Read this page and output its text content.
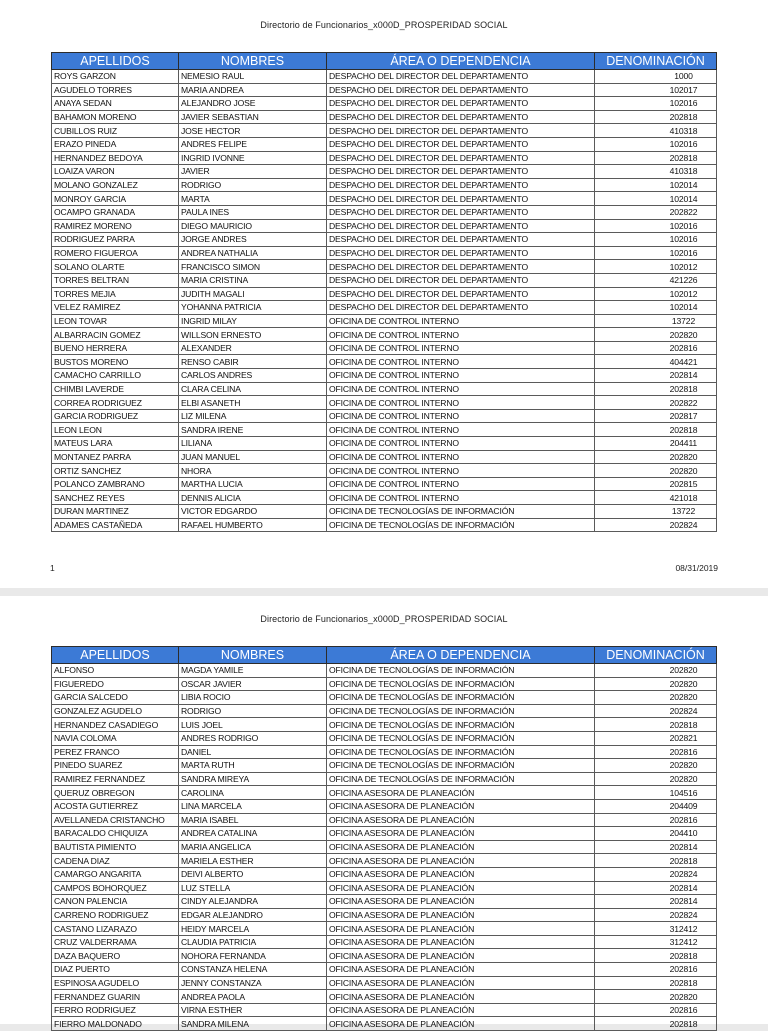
Directorio de Funcionarios_x000D_PROSPERIDAD SOCIAL
APELLIDOS	NOMBRES	ÁREA O DEPENDENCIA	DENOMINACIÓN
ROYS GARZON	NEMESIO RAUL	DESPACHO DEL DIRECTOR DEL DEPARTAMENTO	1000
AGUDELO TORRES	MARIA ANDREA	DESPACHO DEL DIRECTOR DEL DEPARTAMENTO	102017
ANAYA SEDAN	ALEJANDRO JOSE	DESPACHO DEL DIRECTOR DEL DEPARTAMENTO	102016
BAHAMON MORENO	JAVIER SEBASTIAN	DESPACHO DEL DIRECTOR DEL DEPARTAMENTO	202818
CUBILLOS RUIZ	JOSE HECTOR	DESPACHO DEL DIRECTOR DEL DEPARTAMENTO	410318
ERAZO PINEDA	ANDRES FELIPE	DESPACHO DEL DIRECTOR DEL DEPARTAMENTO	102016
HERNANDEZ BEDOYA	INGRID IVONNE	DESPACHO DEL DIRECTOR DEL DEPARTAMENTO	202818
LOAIZA VARON	JAVIER	DESPACHO DEL DIRECTOR DEL DEPARTAMENTO	410318
MOLANO GONZALEZ	RODRIGO	DESPACHO DEL DIRECTOR DEL DEPARTAMENTO	102014
MONROY GARCIA	MARTA	DESPACHO DEL DIRECTOR DEL DEPARTAMENTO	102014
OCAMPO GRANADA	PAULA INES	DESPACHO DEL DIRECTOR DEL DEPARTAMENTO	202822
RAMIREZ MORENO	DIEGO MAURICIO	DESPACHO DEL DIRECTOR DEL DEPARTAMENTO	102016
RODRIGUEZ PARRA	JORGE ANDRES	DESPACHO DEL DIRECTOR DEL DEPARTAMENTO	102016
ROMERO FIGUEROA	ANDREA NATHALIA	DESPACHO DEL DIRECTOR DEL DEPARTAMENTO	102016
SOLANO OLARTE	FRANCISCO SIMON	DESPACHO DEL DIRECTOR DEL DEPARTAMENTO	102012
TORRES BELTRAN	MARIA CRISTINA	DESPACHO DEL DIRECTOR DEL DEPARTAMENTO	421226
TORRES MEJIA	JUDITH MAGALI	DESPACHO DEL DIRECTOR DEL DEPARTAMENTO	102012
VELEZ RAMIREZ	YOHANNA PATRICIA	DESPACHO DEL DIRECTOR DEL DEPARTAMENTO	102014
LEON TOVAR	INGRID MILAY	OFICINA DE CONTROL INTERNO	13722
ALBARRACIN GOMEZ	WILLSON ERNESTO	OFICINA DE CONTROL INTERNO	202820
BUENO HERRERA	ALEXANDER	OFICINA DE CONTROL INTERNO	202816
BUSTOS MORENO	RENSO CABIR	OFICINA DE CONTROL INTERNO	404421
CAMACHO CARRILLO	CARLOS ANDRES	OFICINA DE CONTROL INTERNO	202814
CHIMBI LAVERDE	CLARA CELINA	OFICINA DE CONTROL INTERNO	202818
CORREA RODRIGUEZ	ELBI ASANETH	OFICINA DE CONTROL INTERNO	202822
GARCIA RODRIGUEZ	LIZ MILENA	OFICINA DE CONTROL INTERNO	202817
LEON LEON	SANDRA IRENE	OFICINA DE CONTROL INTERNO	202818
MATEUS LARA	LILIANA	OFICINA DE CONTROL INTERNO	204411
MONTANEZ PARRA	JUAN MANUEL	OFICINA DE CONTROL INTERNO	202820
ORTIZ SANCHEZ	NHORA	OFICINA DE CONTROL INTERNO	202820
POLANCO ZAMBRANO	MARTHA LUCIA	OFICINA DE CONTROL INTERNO	202815
SANCHEZ REYES	DENNIS ALICIA	OFICINA DE CONTROL INTERNO	421018
DURAN MARTINEZ	VICTOR EDGARDO	OFICINA DE TECNOLOGÍAS DE INFORMACIÓN	13722
ADAMES CASTAÑEDA	RAFAEL HUMBERTO	OFICINA DE TECNOLOGÍAS DE INFORMACIÓN	202824
1	08/31/2019
Directorio de Funcionarios_x000D_PROSPERIDAD SOCIAL
APELLIDOS	NOMBRES	ÁREA O DEPENDENCIA	DENOMINACIÓN
ALFONSO	MAGDA YAMILE	OFICINA DE TECNOLOGÍAS DE INFORMACIÓN	202820
FIGUEREDO	OSCAR JAVIER	OFICINA DE TECNOLOGÍAS DE INFORMACIÓN	202820
GARCIA SALCEDO	LIBIA ROCIO	OFICINA DE TECNOLOGÍAS DE INFORMACIÓN	202820
GONZALEZ AGUDELO	RODRIGO	OFICINA DE TECNOLOGÍAS DE INFORMACIÓN	202824
HERNANDEZ CASADIEGO	LUIS JOEL	OFICINA DE TECNOLOGÍAS DE INFORMACIÓN	202818
NAVIA COLOMA	ANDRES RODRIGO	OFICINA DE TECNOLOGÍAS DE INFORMACIÓN	202821
PEREZ FRANCO	DANIEL	OFICINA DE TECNOLOGÍAS DE INFORMACIÓN	202816
PINEDO SUAREZ	MARTA RUTH	OFICINA DE TECNOLOGÍAS DE INFORMACIÓN	202820
RAMIREZ FERNANDEZ	SANDRA MIREYA	OFICINA DE TECNOLOGÍAS DE INFORMACIÓN	202820
QUERUZ OBREGON	CAROLINA	OFICINA ASESORA DE PLANEACIÓN	104516
ACOSTA GUTIERREZ	LINA MARCELA	OFICINA ASESORA DE PLANEACIÓN	204409
AVELLANEDA CRISTANCHO	MARIA ISABEL	OFICINA ASESORA DE PLANEACIÓN	202816
BARACALDO CHIQUIZA	ANDREA CATALINA	OFICINA ASESORA DE PLANEACIÓN	204410
BAUTISTA PIMIENTO	MARIA ANGELICA	OFICINA ASESORA DE PLANEACIÓN	202814
CADENA DIAZ	MARIELA ESTHER	OFICINA ASESORA DE PLANEACIÓN	202818
CAMARGO ANGARITA	DEIVI ALBERTO	OFICINA ASESORA DE PLANEACIÓN	202824
CAMPOS BOHORQUEZ	LUZ STELLA	OFICINA ASESORA DE PLANEACIÓN	202814
CANON PALENCIA	CINDY ALEJANDRA	OFICINA ASESORA DE PLANEACIÓN	202814
CARRENO RODRIGUEZ	EDGAR ALEJANDRO	OFICINA ASESORA DE PLANEACIÓN	202824
CASTANO LIZARAZO	HEIDY MARCELA	OFICINA ASESORA DE PLANEACIÓN	312412
CRUZ VALDERRAMA	CLAUDIA PATRICIA	OFICINA ASESORA DE PLANEACIÓN	312412
DAZA BAQUERO	NOHORA FERNANDA	OFICINA ASESORA DE PLANEACIÓN	202818
DIAZ PUERTO	CONSTANZA HELENA	OFICINA ASESORA DE PLANEACIÓN	202816
ESPINOSA AGUDELO	JENNY CONSTANZA	OFICINA ASESORA DE PLANEACIÓN	202818
FERNANDEZ GUARIN	ANDREA PAOLA	OFICINA ASESORA DE PLANEACIÓN	202820
FERRO RODRIGUEZ	VIRNA ESTHER	OFICINA ASESORA DE PLANEACIÓN	202816
FIERRO MALDONADO	SANDRA MILENA	OFICINA ASESORA DE PLANEACIÓN	202818
